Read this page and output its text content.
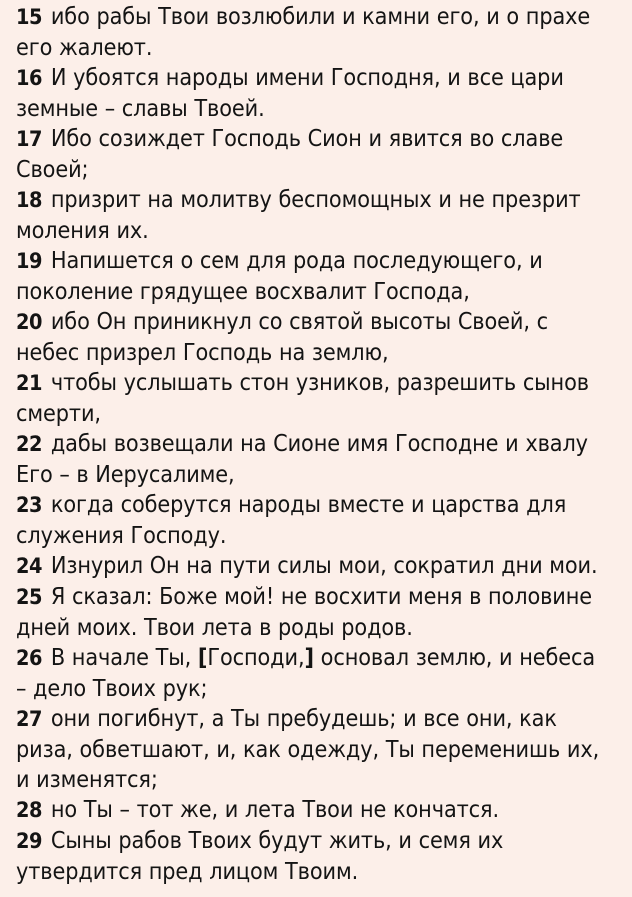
15 ибо рабы Твои возлюбили и камни его, и о прахе его жалеют.
16 И убоятся народы имени Господня, и все цари земные – славы Твоей.
17 Ибо созиждет Господь Сион и явится во славе Своей;
18 призрит на молитву беспомощных и не презрит моления их.
19 Напишется о сем для рода последующего, и поколение грядущее восхвалит Господа,
20 ибо Он приникнул со святой высоты Своей, с небес призрел Господь на землю,
21 чтобы услышать стон узников, разрешить сынов смерти,
22 дабы возвещали на Сионе имя Господне и хвалу Его – в Иерусалиме,
23 когда соберутся народы вместе и царства для служения Господу.
24 Изнурил Он на пути силы мои, сократил дни мои.
25 Я сказал: Боже мой! не восхити меня в половине дней моих. Твои лета в роды родов.
26 В начале Ты, [Господи,] основал землю, и небеса – дело Твоих рук;
27 они погибнут, а Ты пребудешь; и все они, как риза, обветшают, и, как одежду, Ты переменишь их, и изменятся;
28 но Ты – тот же, и лета Твои не кончатся.
29 Сыны рабов Твоих будут жить, и семя их утвердится пред лицом Твоим.
